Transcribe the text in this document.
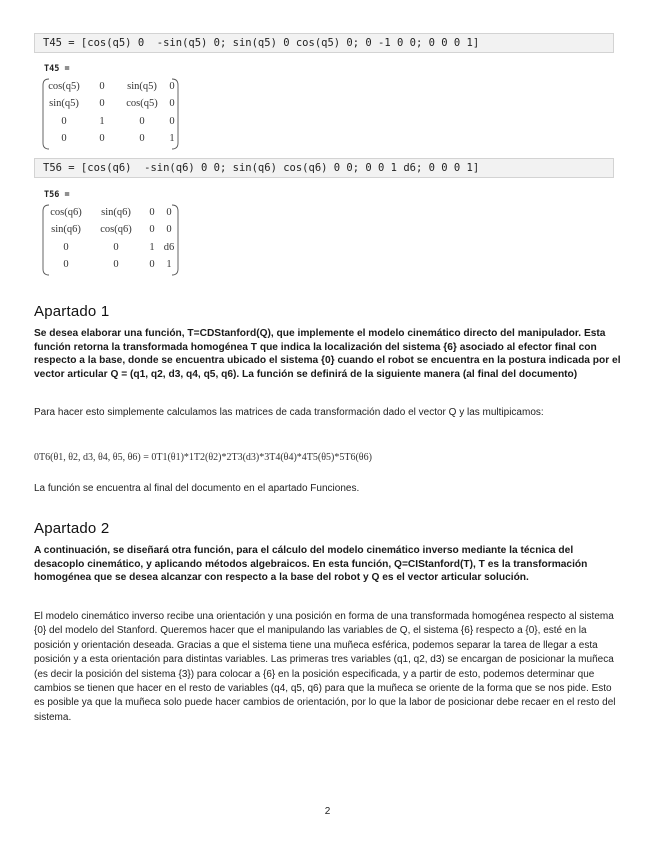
T45 = [cos(q5) 0  -sin(q5) 0; sin(q5) 0 cos(q5) 0; 0 -1 0 0; 0 0 0 1]
T45 =
cos(q5) 0 sin(q5) 0
sin(q5) 0 cos(q5) 0
0	1	0 0
0	0	0 1
T56 = [cos(q6)  -sin(q6) 0 0; sin(q6) cos(q6) 0 0; 0 0 1 d6; 0 0 0 1]
T56 =
cos(q6) sin(q6) 0 0
sin(q6) cos(q6) 0 0
0	0	1 d6
0	0	0 1
Apartado 1

Se desea elaborar una función, T=CDStanford(Q), que implemente el modelo cinemático directo del manipulador. Esta función retorna la transformada homogénea T que indica la localización del sistema {6} asociado al efector final con respecto a la base, donde se encuentra ubicado el sistema {0} cuando el robot se encuentra en la postura indicada por el vector articular Q = (q1, q2, d3, q4, q5, q6). La función se definirá de la siguiente manera (al final del documento)

Para hacer esto simplemente calculamos las matrices de cada transformación dado el vector Q y las multipicamos:

0T6(θ1, θ2, d3, θ4, θ5, θ6) = 0T1(θ1)*1T2(θ2)*2T3(d3)*3T4(θ4)*4T5(θ5)*5T6(θ6)

La función se encuentra al final del documento en el apartado Funciones.

Apartado 2

A continuación, se diseñará otra función, para el cálculo del modelo cinemático inverso mediante la técnica del desacoplo cinemático, y aplicando métodos algebraicos. En esta función, Q=CIStanford(T), T es la transformación homogénea que se desea alcanzar con respecto a la base del robot y Q es el vector articular solución.

El modelo cinemático inverso recibe una orientación y una posición en forma de una transformada homogénea respecto al sistema {0} del modelo del Stanford. Queremos hacer que el manipulando las variables de Q, el sistema {6} respecto a {0}, esté en la posición y orientación deseada. Gracias a que el sistema tiene una muñeca esférica, podemos separar la tarea de llegar a esta posición y a esta orientación para distintas variables. Las primeras tres variables (q1, q2, d3) se encargan de posicionar la muñeca (es decir la posición del sistema {3}) para colocar a {6} en la posición especificada, y a partir de esto, podemos determinar que cambios se tienen que hacer en el resto de variables (q4, q5, q6) para que la muñeca se oriente de la forma que se nos pide. Esto es posible ya que la muñeca solo puede hacer cambios de orientación, por lo que la labor de posicionar debe recaer en el resto del sistema.

2
